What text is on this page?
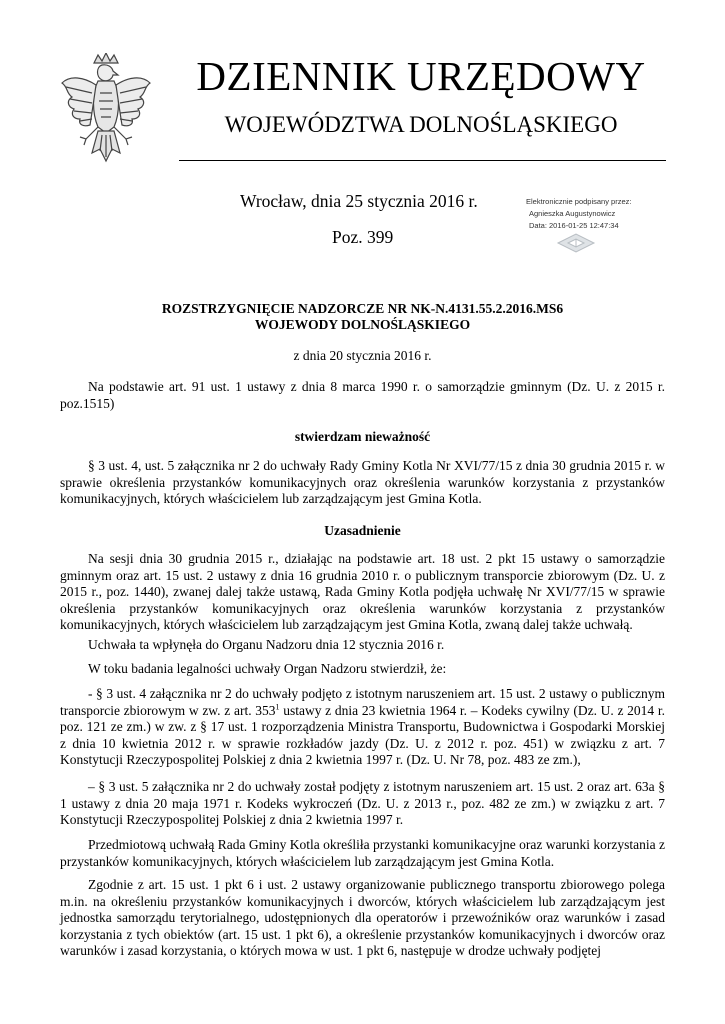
DZIENNIK URZĘDOWY
WOJEWÓDZTWA DOLNOŚLĄSKIEGO
Wrocław, dnia 25 stycznia 2016 r.
Poz. 399
Elektronicznie podpisany przez:
Agnieszka Augustynowicz
Data: 2016-01-25 12:47:34
ROZSTRZYGNIĘCIE NADZORCZE NR NK-N.4131.55.2.2016.MS6
WOJEWODY DOLNOŚLĄSKIEGO
z dnia 20 stycznia 2016 r.
Na podstawie art. 91 ust. 1 ustawy z dnia 8 marca 1990 r. o samorządzie gminnym (Dz. U. z 2015 r. poz.1515)
stwierdzam nieważność
§ 3 ust. 4, ust. 5 załącznika nr 2 do uchwały Rady Gminy Kotla Nr XVI/77/15 z dnia 30 grudnia 2015 r. w sprawie określenia przystanków komunikacyjnych oraz określenia warunków korzystania z przystanków komunikacyjnych, których właścicielem lub zarządzającym jest Gmina Kotla.
Uzasadnienie
Na sesji dnia 30 grudnia 2015 r., działając na podstawie art. 18 ust. 2 pkt 15 ustawy o samorządzie gminnym oraz art. 15 ust. 2 ustawy z dnia 16 grudnia 2010 r. o publicznym transporcie zbiorowym (Dz. U. z 2015 r., poz. 1440), zwanej dalej także ustawą, Rada Gminy Kotla podjęła uchwałę Nr XVI/77/15 w sprawie określenia przystanków komunikacyjnych oraz określenia warunków korzystania z przystanków komunikacyjnych, których właścicielem lub zarządzającym jest Gmina Kotla, zwaną dalej także uchwałą.
Uchwała ta wpłynęła do Organu Nadzoru dnia 12 stycznia 2016 r.
W toku badania legalności uchwały Organ Nadzoru stwierdził, że:
- § 3 ust. 4 załącznika nr 2 do uchwały podjęto z istotnym naruszeniem art. 15 ust. 2 ustawy o publicznym transporcie zbiorowym w zw. z art. $353^1$ ustawy z dnia 23 kwietnia 1964 r. – Kodeks cywilny (Dz. U. z 2014 r. poz. 121 ze zm.) w zw. z § 17 ust. 1 rozporządzenia Ministra Transportu, Budownictwa i Gospodarki Morskiej z dnia 10 kwietnia 2012 r. w sprawie rozkładów jazdy (Dz. U. z 2012 r. poz. 451) w związku z art. 7 Konstytucji Rzeczypospolitej Polskiej z dnia 2 kwietnia 1997 r. (Dz. U. Nr 78, poz. 483 ze zm.),
– § 3 ust. 5 załącznika nr 2 do uchwały został podjęty z istotnym naruszeniem art. 15 ust. 2 oraz art. 63a § 1 ustawy z dnia 20 maja 1971 r. Kodeks wykroczeń (Dz. U. z 2013 r., poz. 482 ze zm.) w związku z art. 7 Konstytucji Rzeczypospolitej Polskiej z dnia 2 kwietnia 1997 r.
Przedmiotową uchwałą Rada Gminy Kotla określiła przystanki komunikacyjne oraz warunki korzystania z przystanków komunikacyjnych, których właścicielem lub zarządzającym jest Gmina Kotla.
Zgodnie z art. 15 ust. 1 pkt 6 i ust. 2 ustawy organizowanie publicznego transportu zbiorowego polega m.in. na określeniu przystanków komunikacyjnych i dworców, których właścicielem lub zarządzającym jest jednostka samorządu terytorialnego, udostępnionych dla operatorów i przewoźników oraz warunków i zasad korzystania z tych obiektów (art. 15 ust. 1 pkt 6), a określenie przystanków komunikacyjnych i dworców oraz warunków i zasad korzystania, o których mowa w ust. 1 pkt 6, następuje w drodze uchwały podjętej
